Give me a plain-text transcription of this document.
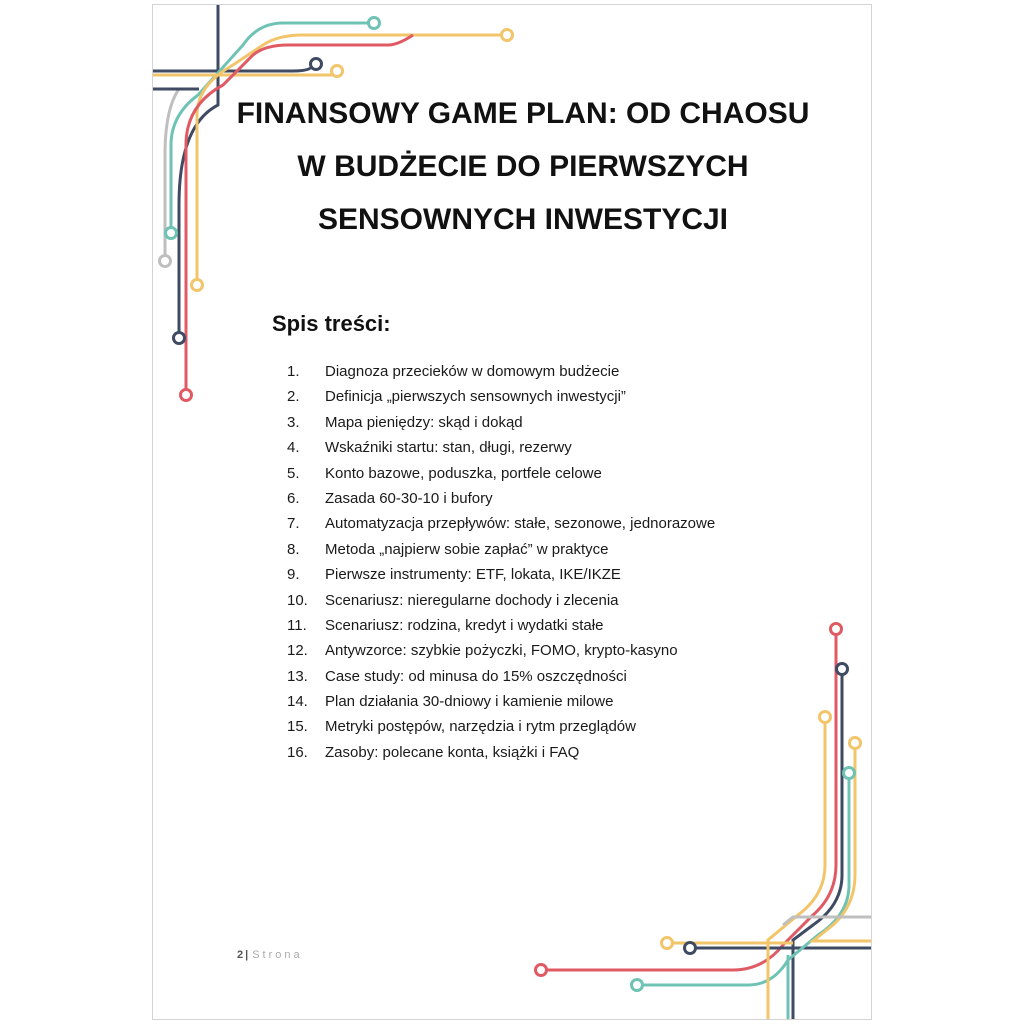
FINANSOWY GAME PLAN: OD CHAOSU
W BUDŻECIE DO PIERWSZYCH
SENSOWNYCH INWESTYCJI
Spis treści:
1. Diagnoza przecieków w domowym budżecie
2. Definicja „pierwszych sensownych inwestycji”
3. Mapa pieniędzy: skąd i dokąd
4. Wskaźniki startu: stan, długi, rezerwy
5. Konto bazowe, poduszka, portfele celowe
6. Zasada 60-30-10 i bufory
7. Automatyzacja przepływów: stałe, sezonowe, jednorazowe
8. Metoda „najpierw sobie zapłać” w praktyce
9. Pierwsze instrumenty: ETF, lokata, IKE/IKZE
10. Scenariusz: nieregularne dochody i zlecenia
11. Scenariusz: rodzina, kredyt i wydatki stałe
12. Antywzorce: szybkie pożyczki, FOMO, krypto-kasyno
13. Case study: od minusa do 15% oszczędności
14. Plan działania 30-dniowy i kamienie milowe
15. Metryki postępów, narzędzia i rytm przeglądów
16. Zasoby: polecane konta, książki i FAQ
2 | Strona
